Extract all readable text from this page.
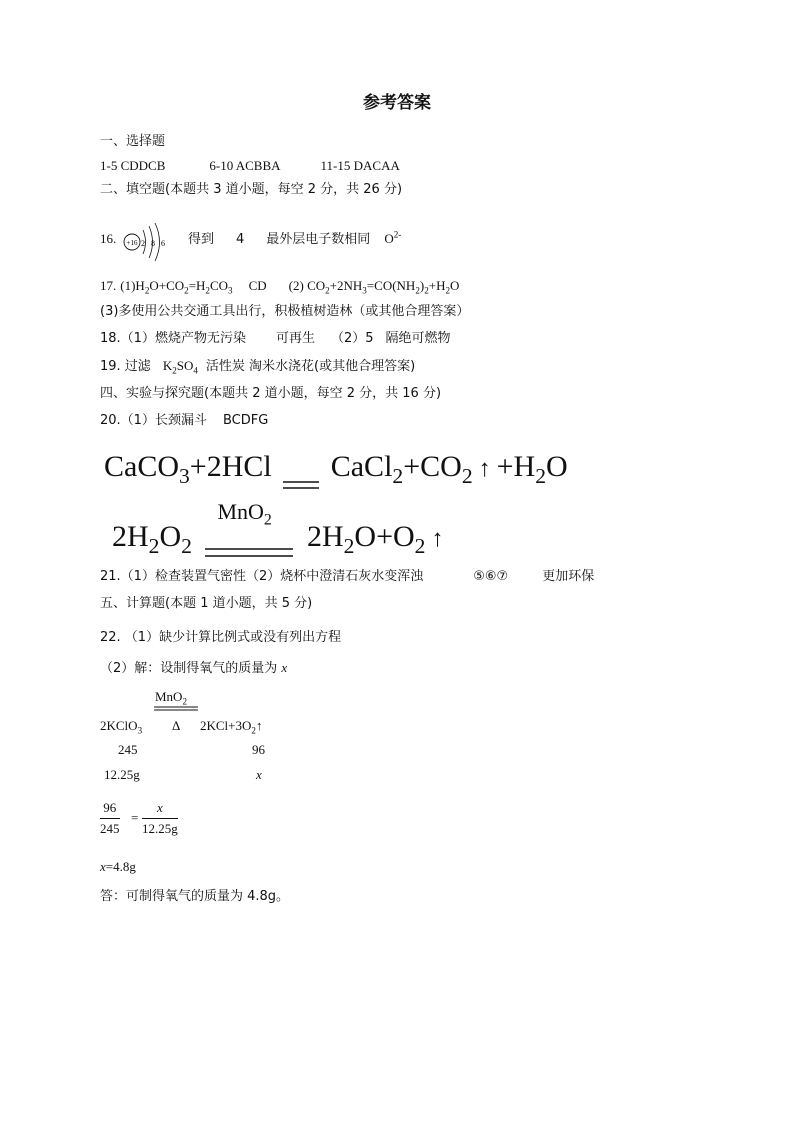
参考答案
一、选择题
1-5 CDDCB	6-10 ACBBA	11-15 DACAA
二、填空题(本题共 3 道小题，每空 2 分，共 26 分)
16. +16 2 8 6 得到 4 最外层电子数相同 $O^{2-}$
17. $(1)H_2O+CO_2=H_2CO_3$ CD (2) $CO_2+2NH_3=CO(NH_2)_2+H_2O$
(3)多使用公共交通工具出行，积极植树造林（或其他合理答案）
18.（1）燃烧产物无污染 可再生 （2）5 隔绝可燃物
19. 过滤 $K_2SO_4$ 活性炭 淘米水浇花(或其他合理答案)
四、实验与探究题(本题共 2 道小题，每空 2 分，共 16 分)
20.（1）长颈漏斗 BCDFG
CaCO$_3$+2HCl $CaCl_2+CO_2$ ↑ $+H_2O$
$2H_2O_2$
MnO$_2$ $2H_2O+O_2$ ↑
21.（1）检查装置气密性（2）烧杯中澄清石灰水变浑浊	⑤⑥⑦	更加环保
五、计算题(本题 1 道小题，共 5 分)
22. （1）缺少计算比例式或没有列出方程
（2）解：设制得氧气的质量为 x
MnO$_2$
2KClO$_3$ Δ $2KCl+3O_2↑$
245	96
12.25g	x
$\frac{96}{245} = \frac{x}{12.25g}$
x=4.8g
答：可制得氧气的质量为 4.8g。
